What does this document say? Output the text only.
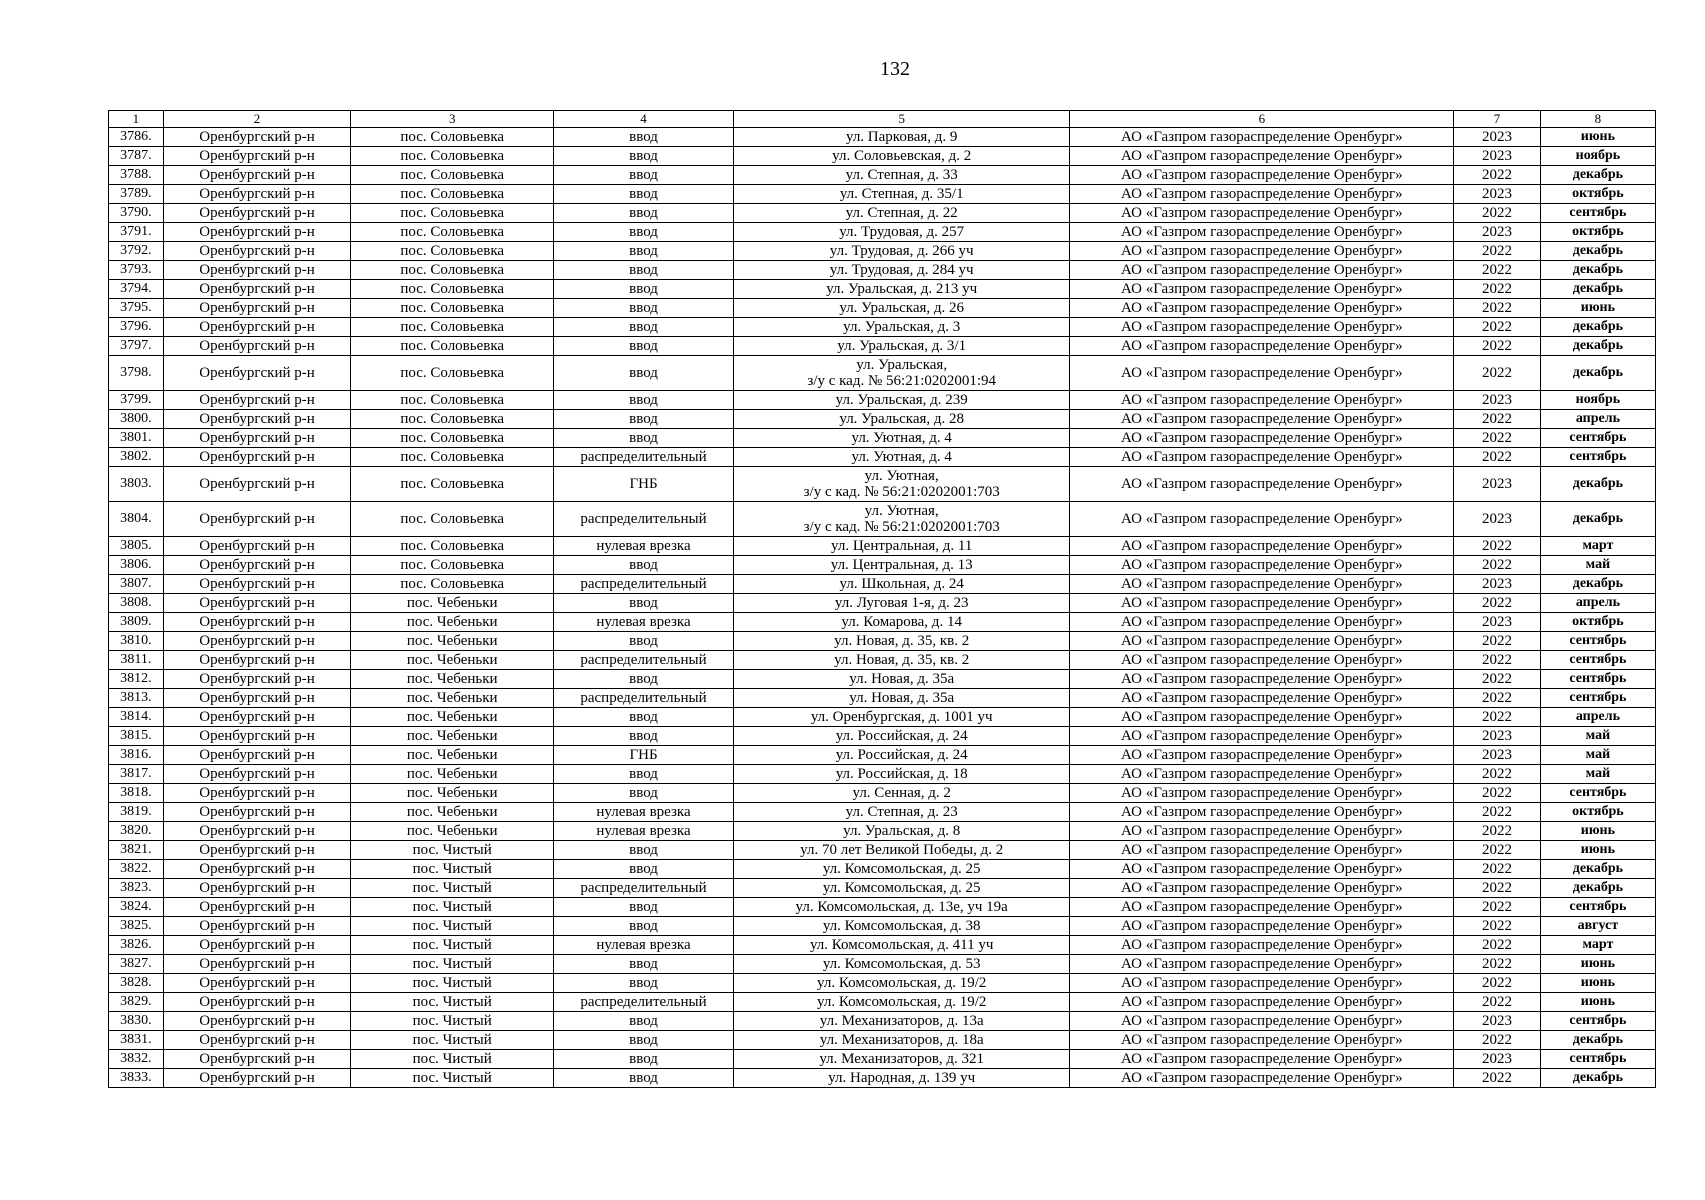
132
1	2	3	4	5	6	7	8
3786.	Оренбургский р-н	пос. Соловьевка	ввод	ул. Парковая, д. 9	АО «Газпром газораспределение Оренбург»	2023	июнь
3787.	Оренбургский р-н	пос. Соловьевка	ввод	ул. Соловьевская, д. 2	АО «Газпром газораспределение Оренбург»	2023	ноябрь
3788.	Оренбургский р-н	пос. Соловьевка	ввод	ул. Степная, д. 33	АО «Газпром газораспределение Оренбург»	2022	декабрь
3789.	Оренбургский р-н	пос. Соловьевка	ввод	ул. Степная, д. 35/1	АО «Газпром газораспределение Оренбург»	2023	октябрь
3790.	Оренбургский р-н	пос. Соловьевка	ввод	ул. Степная, д. 22	АО «Газпром газораспределение Оренбург»	2022	сентябрь
3791.	Оренбургский р-н	пос. Соловьевка	ввод	ул. Трудовая, д. 257	АО «Газпром газораспределение Оренбург»	2023	октябрь
3792.	Оренбургский р-н	пос. Соловьевка	ввод	ул. Трудовая, д. 266 уч	АО «Газпром газораспределение Оренбург»	2022	декабрь
3793.	Оренбургский р-н	пос. Соловьевка	ввод	ул. Трудовая, д. 284 уч	АО «Газпром газораспределение Оренбург»	2022	декабрь
3794.	Оренбургский р-н	пос. Соловьевка	ввод	ул. Уральская, д. 213 уч	АО «Газпром газораспределение Оренбург»	2022	декабрь
3795.	Оренбургский р-н	пос. Соловьевка	ввод	ул. Уральская, д. 26	АО «Газпром газораспределение Оренбург»	2022	июнь
3796.	Оренбургский р-н	пос. Соловьевка	ввод	ул. Уральская, д. 3	АО «Газпром газораспределение Оренбург»	2022	декабрь
3797.	Оренбургский р-н	пос. Соловьевка	ввод	ул. Уральская, д. 3/1	АО «Газпром газораспределение Оренбург»	2022	декабрь
3798.	Оренбургский р-н	пос. Соловьевка	ввод	ул. Уральская,
з/у с кад. № 56:21:0202001:94	АО «Газпром газораспределение Оренбург»	2022	декабрь
3799.	Оренбургский р-н	пос. Соловьевка	ввод	ул. Уральская, д. 239	АО «Газпром газораспределение Оренбург»	2023	ноябрь
3800.	Оренбургский р-н	пос. Соловьевка	ввод	ул. Уральская, д. 28	АО «Газпром газораспределение Оренбург»	2022	апрель
3801.	Оренбургский р-н	пос. Соловьевка	ввод	ул. Уютная, д. 4	АО «Газпром газораспределение Оренбург»	2022	сентябрь
3802.	Оренбургский р-н	пос. Соловьевка	распределительный	ул. Уютная, д. 4	АО «Газпром газораспределение Оренбург»	2022	сентябрь
3803.	Оренбургский р-н	пос. Соловьевка	ГНБ	ул. Уютная,
з/у с кад. № 56:21:0202001:703	АО «Газпром газораспределение Оренбург»	2023	декабрь
3804.	Оренбургский р-н	пос. Соловьевка	распределительный	ул. Уютная,
з/у с кад. № 56:21:0202001:703	АО «Газпром газораспределение Оренбург»	2023	декабрь
3805.	Оренбургский р-н	пос. Соловьевка	нулевая врезка	ул. Центральная, д. 11	АО «Газпром газораспределение Оренбург»	2022	март
3806.	Оренбургский р-н	пос. Соловьевка	ввод	ул. Центральная, д. 13	АО «Газпром газораспределение Оренбург»	2022	май
3807.	Оренбургский р-н	пос. Соловьевка	распределительный	ул. Школьная, д. 24	АО «Газпром газораспределение Оренбург»	2023	декабрь
3808.	Оренбургский р-н	пос. Чебеньки	ввод	ул. Луговая 1-я, д. 23	АО «Газпром газораспределение Оренбург»	2022	апрель
3809.	Оренбургский р-н	пос. Чебеньки	нулевая врезка	ул. Комарова, д. 14	АО «Газпром газораспределение Оренбург»	2023	октябрь
3810.	Оренбургский р-н	пос. Чебеньки	ввод	ул. Новая, д. 35, кв. 2	АО «Газпром газораспределение Оренбург»	2022	сентябрь
3811.	Оренбургский р-н	пос. Чебеньки	распределительный	ул. Новая, д. 35, кв. 2	АО «Газпром газораспределение Оренбург»	2022	сентябрь
3812.	Оренбургский р-н	пос. Чебеньки	ввод	ул. Новая, д. 35а	АО «Газпром газораспределение Оренбург»	2022	сентябрь
3813.	Оренбургский р-н	пос. Чебеньки	распределительный	ул. Новая, д. 35а	АО «Газпром газораспределение Оренбург»	2022	сентябрь
3814.	Оренбургский р-н	пос. Чебеньки	ввод	ул. Оренбургская, д. 1001 уч	АО «Газпром газораспределение Оренбург»	2022	апрель
3815.	Оренбургский р-н	пос. Чебеньки	ввод	ул. Российская, д. 24	АО «Газпром газораспределение Оренбург»	2023	май
3816.	Оренбургский р-н	пос. Чебеньки	ГНБ	ул. Российская, д. 24	АО «Газпром газораспределение Оренбург»	2023	май
3817.	Оренбургский р-н	пос. Чебеньки	ввод	ул. Российская, д. 18	АО «Газпром газораспределение Оренбург»	2022	май
3818.	Оренбургский р-н	пос. Чебеньки	ввод	ул. Сенная, д. 2	АО «Газпром газораспределение Оренбург»	2022	сентябрь
3819.	Оренбургский р-н	пос. Чебеньки	нулевая врезка	ул. Степная, д. 23	АО «Газпром газораспределение Оренбург»	2022	октябрь
3820.	Оренбургский р-н	пос. Чебеньки	нулевая врезка	ул. Уральская, д. 8	АО «Газпром газораспределение Оренбург»	2022	июнь
3821.	Оренбургский р-н	пос. Чистый	ввод	ул. 70 лет Великой Победы, д. 2	АО «Газпром газораспределение Оренбург»	2022	июнь
3822.	Оренбургский р-н	пос. Чистый	ввод	ул. Комсомольская, д. 25	АО «Газпром газораспределение Оренбург»	2022	декабрь
3823.	Оренбургский р-н	пос. Чистый	распределительный	ул. Комсомольская, д. 25	АО «Газпром газораспределение Оренбург»	2022	декабрь
3824.	Оренбургский р-н	пос. Чистый	ввод	ул. Комсомольская, д. 13е, уч 19а	АО «Газпром газораспределение Оренбург»	2022	сентябрь
3825.	Оренбургский р-н	пос. Чистый	ввод	ул. Комсомольская, д. 38	АО «Газпром газораспределение Оренбург»	2022	август
3826.	Оренбургский р-н	пос. Чистый	нулевая врезка	ул. Комсомольская, д. 411 уч	АО «Газпром газораспределение Оренбург»	2022	март
3827.	Оренбургский р-н	пос. Чистый	ввод	ул. Комсомольская, д. 53	АО «Газпром газораспределение Оренбург»	2022	июнь
3828.	Оренбургский р-н	пос. Чистый	ввод	ул. Комсомольская, д. 19/2	АО «Газпром газораспределение Оренбург»	2022	июнь
3829.	Оренбургский р-н	пос. Чистый	распределительный	ул. Комсомольская, д. 19/2	АО «Газпром газораспределение Оренбург»	2022	июнь
3830.	Оренбургский р-н	пос. Чистый	ввод	ул. Механизаторов, д. 13а	АО «Газпром газораспределение Оренбург»	2023	сентябрь
3831.	Оренбургский р-н	пос. Чистый	ввод	ул. Механизаторов, д. 18а	АО «Газпром газораспределение Оренбург»	2022	декабрь
3832.	Оренбургский р-н	пос. Чистый	ввод	ул. Механизаторов, д. 321	АО «Газпром газораспределение Оренбург»	2023	сентябрь
3833.	Оренбургский р-н	пос. Чистый	ввод	ул. Народная, д. 139 уч	АО «Газпром газораспределение Оренбург»	2022	декабрь
